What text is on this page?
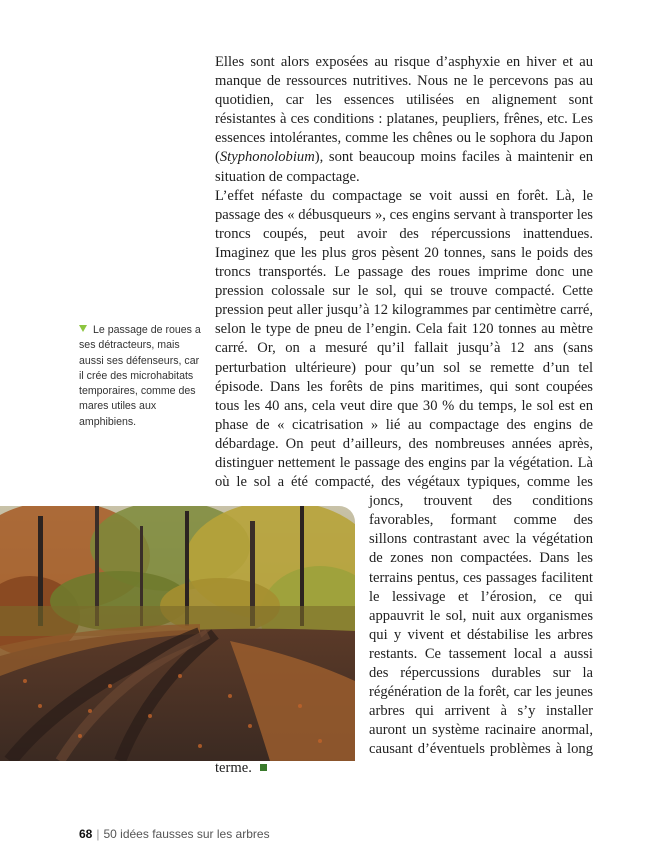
Le passage de roues a ses détracteurs, mais aussi ses défenseurs, car il crée des microhabitats temporaires, comme des mares utiles aux amphibiens.

Elles sont alors exposées au risque d’asphyxie en hiver et au manque de ressources nutritives. Nous ne le percevons pas au quotidien, car les essences utilisées en alignement sont résistantes à ces conditions : platanes, peupliers, frênes, etc. Les essences intolérantes, comme les chênes ou le sophora du Japon (Styphonolobium), sont beaucoup moins faciles à maintenir en situation de compactage.

L’effet néfaste du compactage se voit aussi en forêt. Là, le passage des « débusqueurs », ces engins servant à transporter les troncs coupés, peut avoir des répercussions inattendues. Imaginez que les plus gros pèsent 20 tonnes, sans le poids des troncs transportés. Le passage des roues imprime donc une pression colossale sur le sol, qui se trouve compacté. Cette pression peut aller jusqu’à 12 kilogrammes par centimètre carré, selon le type de pneu de l’engin. Cela fait 120 tonnes au mètre carré. Or, on a mesuré qu’il fallait jusqu’à 12 ans (sans perturbation ultérieure) pour qu’un sol se remette d’un tel épisode. Dans les forêts de pins maritimes, qui sont coupées tous les 40 ans, cela veut dire que 30 % du temps, le sol est en phase de « cicatrisation » lié au compactage des engins de débardage. On peut d’ailleurs, des nombreuses années après, distinguer nettement le passage des engins par la végétation. Là où le sol a été compacté, des végétaux typiques, comme les joncs, trouvent des conditions favorables, formant comme des sillons contrastant avec la végétation de zones non compactées. Dans les terrains pentus, ces passages facilitent le lessivage et l’érosion, ce qui appauvrit le sol, nuit aux organismes qui y vivent et déstabilise les arbres restants. Ce tassement local a aussi des répercussions durables sur la régénération de la forêt, car les jeunes arbres qui arrivent à s’y installer auront un système racinaire anormal, causant d’éventuels problèmes à long terme.

68 | 50 idées fausses sur les arbres
